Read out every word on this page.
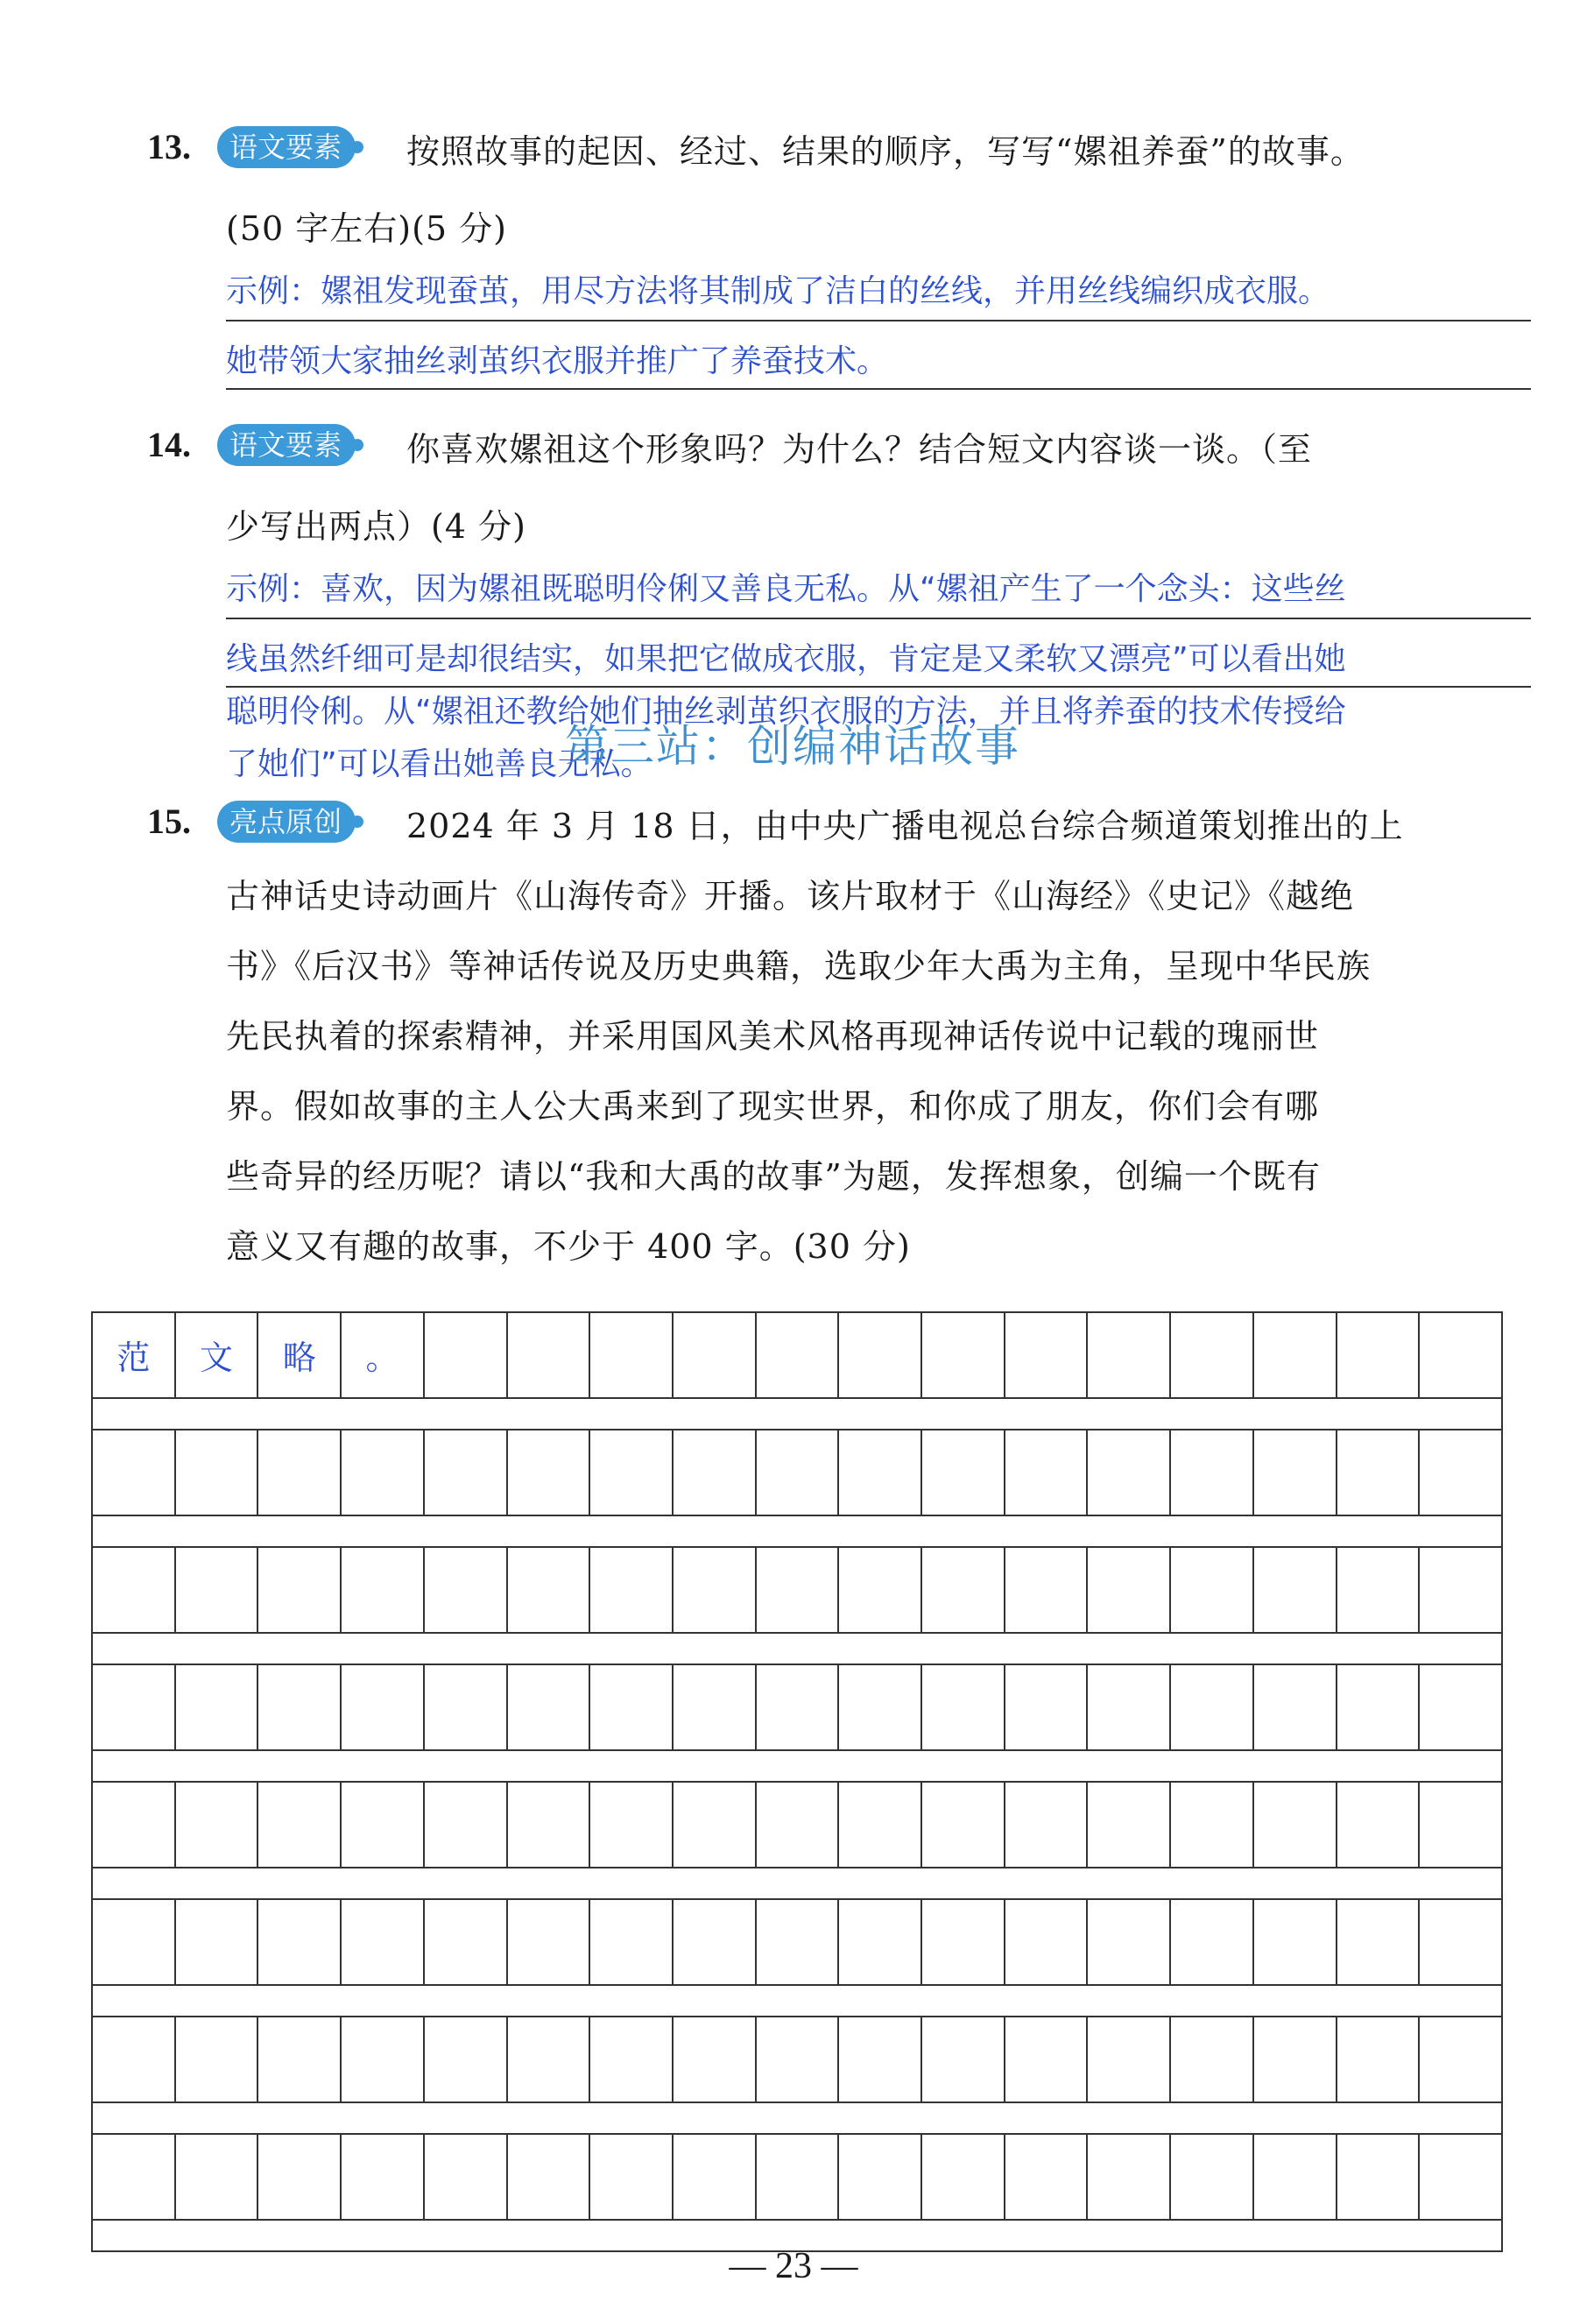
13.	语文要素	按照故事的起因、经过、结果的顺序，写写“嫘祖养蚕”的故事。
(50 字左右)(5 分)
示例：嫘祖发现蚕茧，用尽方法将其制成了洁白的丝线，并用丝线编织成衣服。
她带领大家抽丝剥茧织衣服并推广了养蚕技术。
14.	语文要素	你喜欢嫘祖这个形象吗？为什么？结合短文内容谈一谈。（至
少写出两点）(4 分)
示例：喜欢，因为嫘祖既聪明伶俐又善良无私。从“嫘祖产生了一个念头：这些丝
线虽然纤细可是却很结实，如果把它做成衣服，肯定是又柔软又漂亮”可以看出她
聪明伶俐。从“嫘祖还教给她们抽丝剥茧织衣服的方法，并且将养蚕的技术传授给
了她们”可以看出她善良无私。
第三站：创编神话故事
15.	亮点原创	2024 年 3 月 18 日，由中央广播电视总台综合频道策划推出的上
古神话史诗动画片《山海传奇》开播。该片取材于《山海经》《史记》《越绝
书》《后汉书》等神话传说及历史典籍，选取少年大禹为主角，呈现中华民族
先民执着的探索精神，并采用国风美术风格再现神话传说中记载的瑰丽世
界。假如故事的主人公大禹来到了现实世界，和你成了朋友，你们会有哪
些奇异的经历呢？请以“我和大禹的故事”为题，发挥想象，创编一个既有
意义又有趣的故事，不少于 400 字。(30 分)
范	文	略	。
— 23 —
